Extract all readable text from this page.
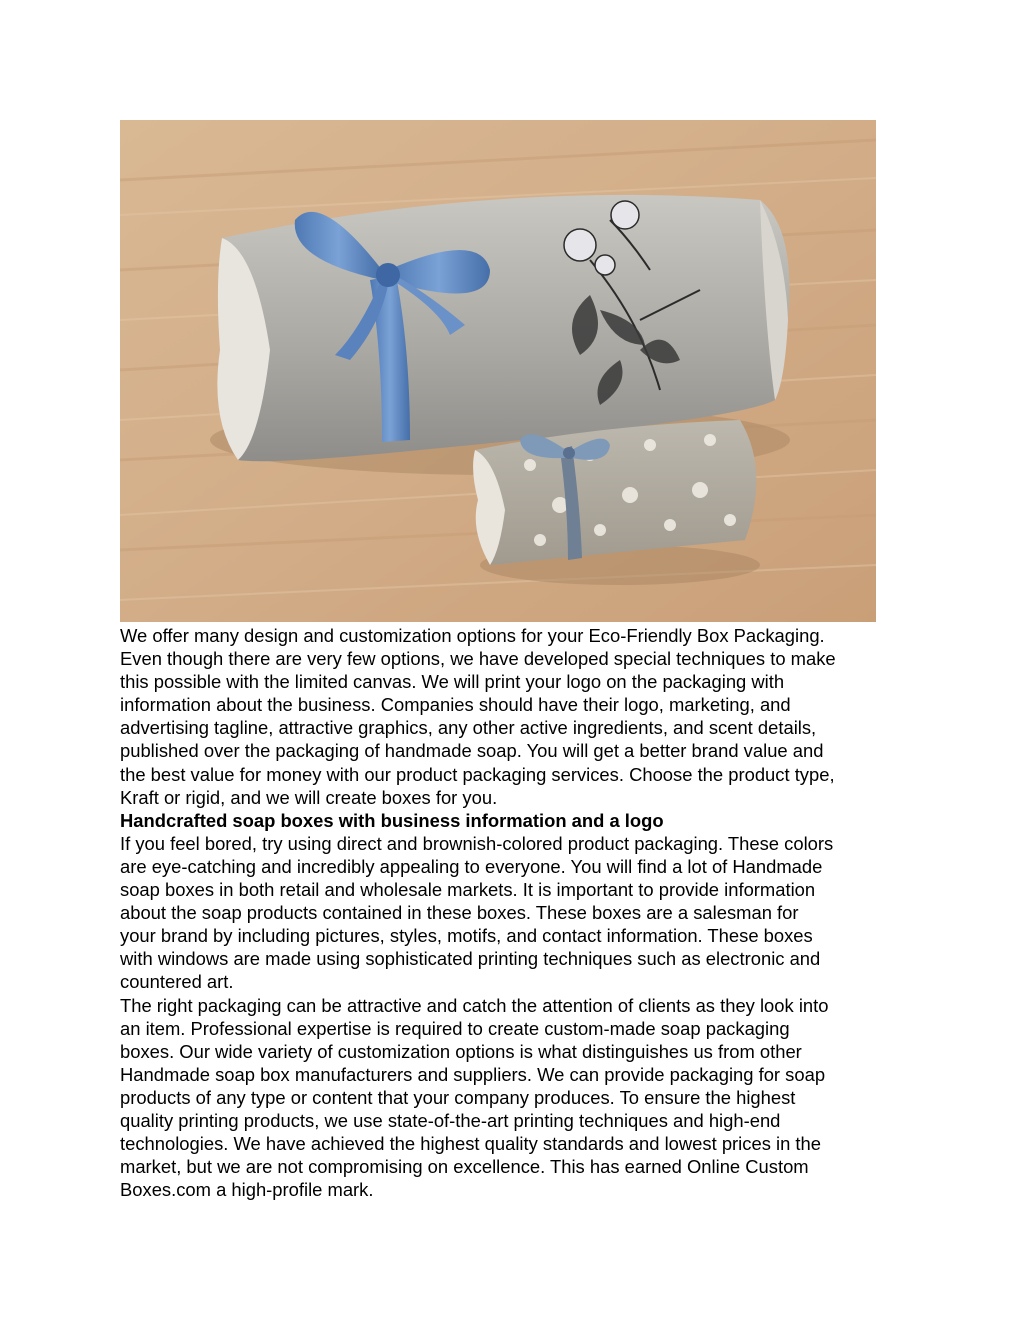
We offer many design and customization options for your Eco-Friendly Box Packaging.

Even though there are very few options, we have developed special techniques to make

this possible with the limited canvas. We will print your logo on the packaging with

information about the business. Companies should have their logo, marketing, and

advertising tagline, attractive graphics, any other active ingredients, and scent details,

published over the packaging of handmade soap. You will get a better brand value and

the best value for money with our product packaging services. Choose the product type,

Kraft or rigid, and we will create boxes for you.

Handcrafted soap boxes with business information and a logo

If you feel bored, try using direct and brownish-colored product packaging. These colors

are eye-catching and incredibly appealing to everyone. You will find a lot of Handmade

soap boxes in both retail and wholesale markets. It is important to provide information

about the soap products contained in these boxes. These boxes are a salesman for

your brand by including pictures, styles, motifs, and contact information. These boxes

with windows are made using sophisticated printing techniques such as electronic and

countered art.

The right packaging can be attractive and catch the attention of clients as they look into

an item. Professional expertise is required to create custom-made soap packaging

boxes. Our wide variety of customization options is what distinguishes us from other

Handmade soap box manufacturers and suppliers. We can provide packaging for soap

products of any type or content that your company produces. To ensure the highest

quality printing products, we use state-of-the-art printing techniques and high-end

technologies. We have achieved the highest quality standards and lowest prices in the

market, but we are not compromising on excellence. This has earned Online Custom

Boxes.com a high-profile mark.
